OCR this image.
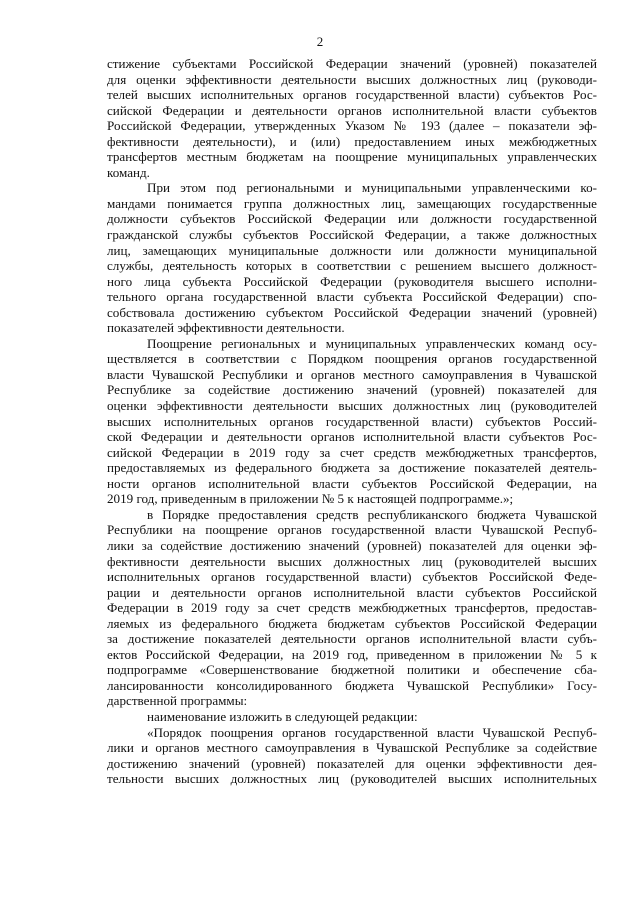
2
стижение субъектами Российской Федерации значений (уровней) показателей
для оценки эффективности деятельности высших должностных лиц (руководи-
телей высших исполнительных органов государственной власти) субъектов Рос-
сийской Федерации и деятельности органов исполнительной власти субъектов
Российской Федерации, утвержденных Указом № 193 (далее – показатели эф-
фективности деятельности), и (или) предоставлением иных межбюджетных
трансфертов местным бюджетам на поощрение муниципальных управленческих
команд.
При этом под региональными и муниципальными управленческими ко-
мандами понимается группа должностных лиц, замещающих государственные
должности субъектов Российской Федерации или должности государственной
гражданской службы субъектов Российской Федерации, а также должностных
лиц, замещающих муниципальные должности или должности муниципальной
службы, деятельность которых в соответствии с решением высшего должност-
ного лица субъекта Российской Федерации (руководителя высшего исполни-
тельного органа государственной власти субъекта Российской Федерации) спо-
собствовала достижению субъектом Российской Федерации значений (уровней)
показателей эффективности деятельности.
Поощрение региональных и муниципальных управленческих команд осу-
ществляется в соответствии с Порядком поощрения органов государственной
власти Чувашской Республики и органов местного самоуправления в Чувашской
Республике за содействие достижению значений (уровней) показателей для
оценки эффективности деятельности высших должностных лиц (руководителей
высших исполнительных органов государственной власти) субъектов Россий-
ской Федерации и деятельности органов исполнительной власти субъектов Рос-
сийской Федерации в 2019 году за счет средств межбюджетных трансфертов,
предоставляемых из федерального бюджета за достижение показателей деятель-
ности органов исполнительной власти субъектов Российской Федерации, на
2019 год, приведенным в приложении № 5 к настоящей подпрограмме.»;
в Порядке предоставления средств республиканского бюджета Чувашской
Республики на поощрение органов государственной власти Чувашской Респуб-
лики за содействие достижению значений (уровней) показателей для оценки эф-
фективности деятельности высших должностных лиц (руководителей высших
исполнительных органов государственной власти) субъектов Российской Феде-
рации и деятельности органов исполнительной власти субъектов Российской
Федерации в 2019 году за счет средств межбюджетных трансфертов, предостав-
ляемых из федерального бюджета бюджетам субъектов Российской Федерации
за достижение показателей деятельности органов исполнительной власти субъ-
ектов Российской Федерации, на 2019 год, приведенном в приложении № 5 к
подпрограмме «Совершенствование бюджетной политики и обеспечение сба-
лансированности консолидированного бюджета Чувашской Республики» Госу-
дарственной программы:
наименование изложить в следующей редакции:
«Порядок поощрения органов государственной власти Чувашской Респуб-
лики и органов местного самоуправления в Чувашской Республике за содействие
достижению значений (уровней) показателей для оценки эффективности дея-
тельности высших должностных лиц (руководителей высших исполнительных
